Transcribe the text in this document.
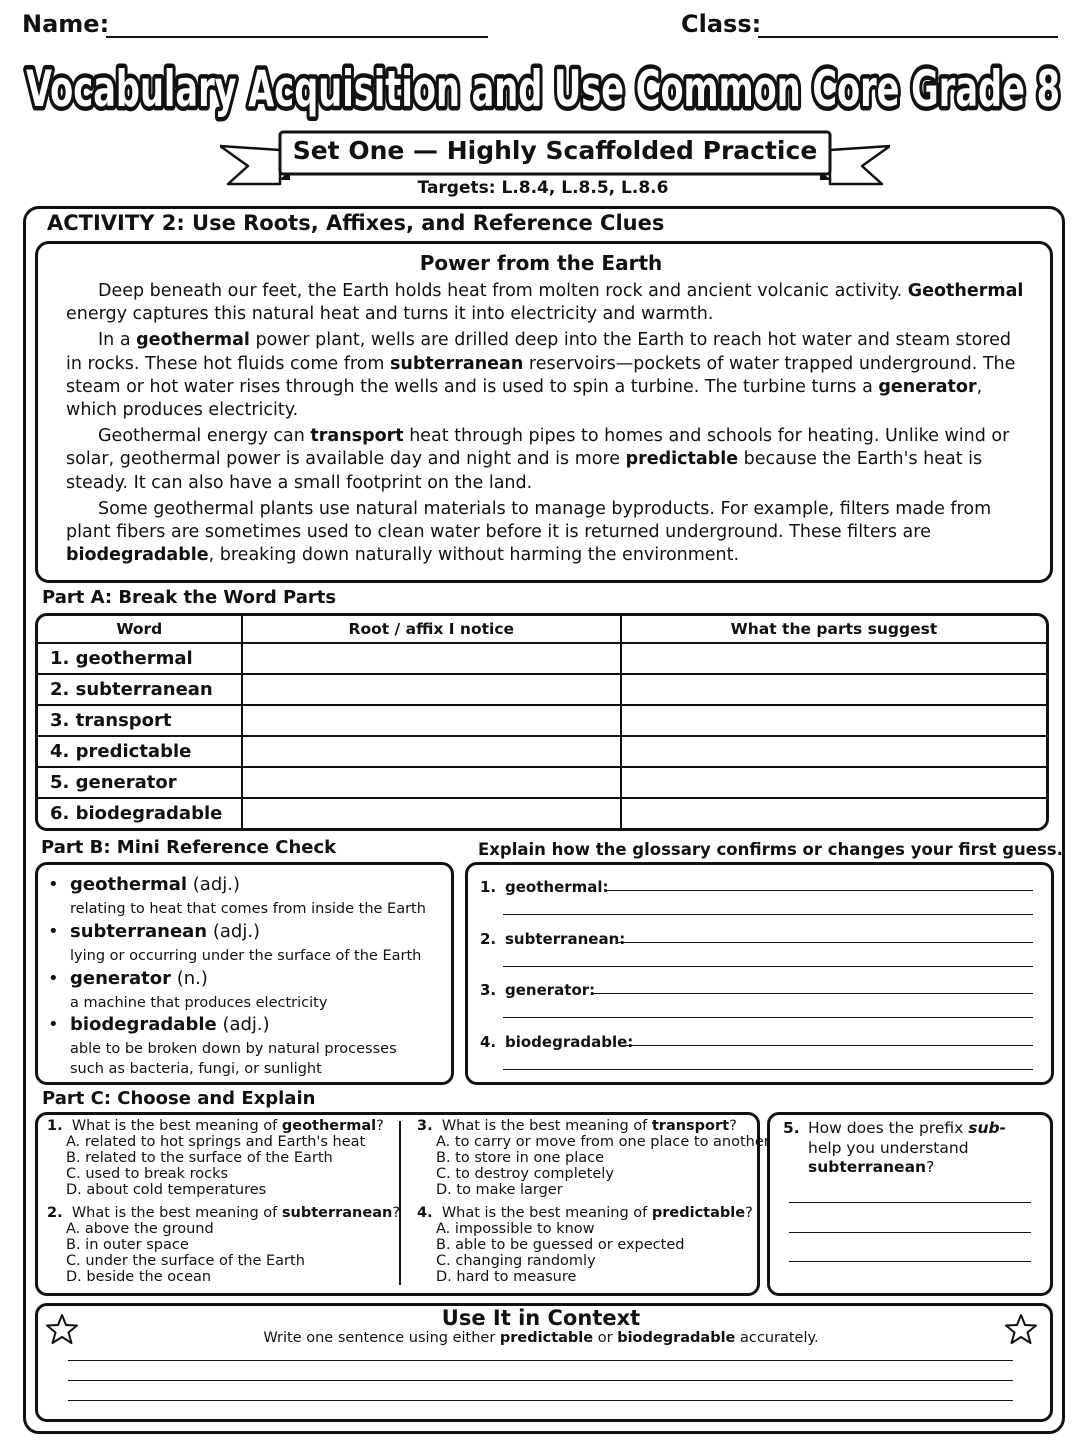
Name:	Class:
Vocabulary Acquisition and Use Common Core Grade 8
Set One — Highly Scaffolded Practice
Targets: L.8.4, L.8.5, L.8.6
ACTIVITY 2: Use Roots, Affixes, and Reference Clues
Power from the Earth

Deep beneath our feet, the Earth holds heat from molten rock and ancient volcanic activity. Geothermal energy captures this natural heat and turns it into electricity and warmth.

In a geothermal power plant, wells are drilled deep into the Earth to reach hot water and steam stored in rocks. These hot fluids come from subterranean reservoirs—pockets of water trapped underground. The steam or hot water rises through the wells and is used to spin a turbine. The turbine turns a generator, which produces electricity.

Geothermal energy can transport heat through pipes to homes and schools for heating. Unlike wind or solar, geothermal power is available day and night and is more predictable because the Earth's heat is steady. It can also have a small footprint on the land.

Some geothermal plants use natural materials to manage byproducts. For example, filters made from plant fibers are sometimes used to clean water before it is returned underground. These filters are biodegradable, breaking down naturally without harming the environment.

Part A: Break the Word Parts
Word	Root / affix I notice	What the parts suggest
1. geothermal		
2. subterranean		
3. transport		
4. predictable		
5. generator		
6. biodegradable		
Part B: Mini Reference Check	Explain how the glossary confirms or changes your first guess.
• geothermal (adj.)
relating to heat that comes from inside the Earth
• subterranean (adj.)
lying or occurring under the surface of the Earth
• generator (n.)
a machine that produces electricity
• biodegradable (adj.)
able to be broken down by natural processes such as bacteria, fungi, or sunlight
1. geothermal:
2. subterranean:
3. generator:
4. biodegradable:
Part C: Choose and Explain
1. What is the best meaning of geothermal?
A. related to hot springs and Earth's heat
B. related to the surface of the Earth
C. used to break rocks
D. about cold temperatures
2. What is the best meaning of subterranean?
A. above the ground
B. in outer space
C. under the surface of the Earth
D. beside the ocean
3. What is the best meaning of transport?
A. to carry or move from one place to another
B. to store in one place
C. to destroy completely
D. to make larger
4. What is the best meaning of predictable?
A. impossible to know
B. able to be guessed or expected
C. changing randomly
D. hard to measure
5. How does the prefix sub- help you understand subterranean?
Use It in Context
Write one sentence using either predictable or biodegradable accurately.
